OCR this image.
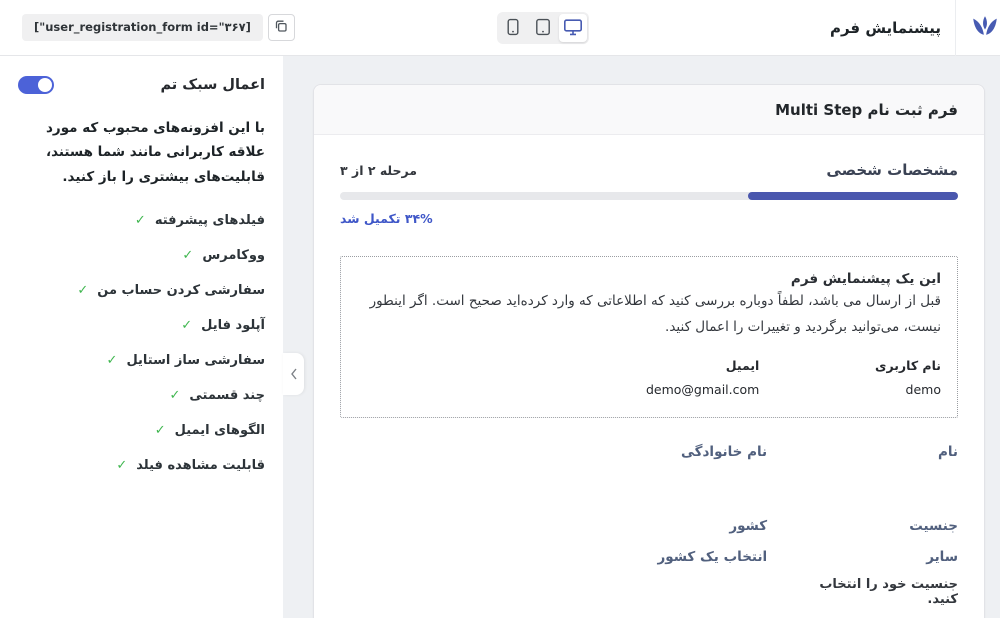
["user_registration_form id="۳۶۷]	پیشنمایش فرم
اعمال سبک تم

با این افزونه‌های محبوب که مورد علاقه کاربرانی مانند شما هستند، قابلیت‌های بیشتری را باز کنید.

فیلدهای پیشرفته
✓
ووکامرس
✓
سفارشی کردن حساب من
✓
آپلود فایل
✓
سفارشی ساز استایل
✓
چند قسمتی
✓
الگوهای ایمیل
✓
قابلیت مشاهده فیلد
✓
فرم ثبت نام Multi Step
مشخصات شخصی
مرحله ۲ از ۳
۳۴% تکمیل شد
این یک پیشنمایش فرم
قبل از ارسال می باشد، لطفاً دوباره بررسی کنید که اطلاعاتی که وارد کرده‌اید صحیح است. اگر اینطور نیست، می‌توانید برگردید و تغییرات را اعمال کنید.
نام کاربری
demo
ایمیل
demo@gmail.com
نام
نام خانوادگی
جنسیت
سایر
جنسیت خود را انتخاب کنید.
کشور
انتخاب یک کشور
